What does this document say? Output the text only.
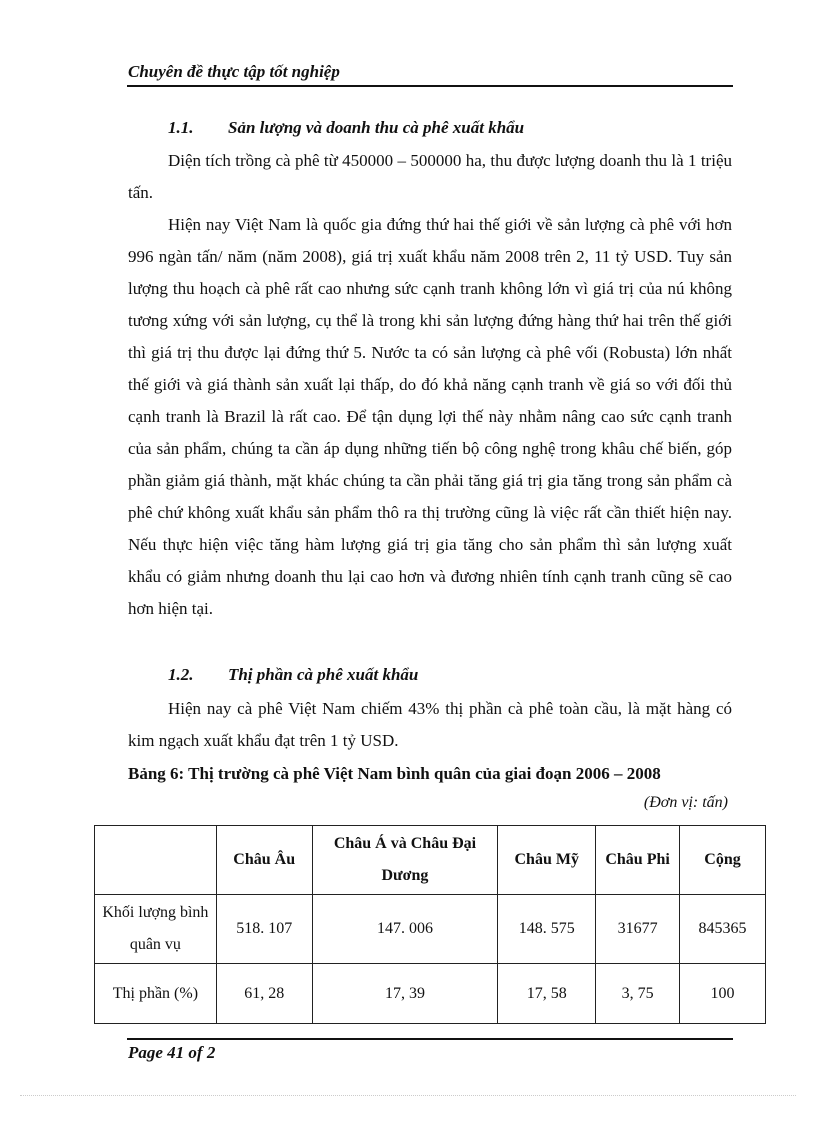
Chuyên đề thực tập tốt nghiệp
1.1. Sản lượng và doanh thu cà phê xuất khẩu

Diện tích trồng cà phê từ 450000 – 500000 ha, thu được lượng doanh thu là 1 triệu tấn.

Hiện nay Việt Nam là quốc gia đứng thứ hai thế giới về sản lượng cà phê với hơn 996 ngàn tấn/ năm (năm 2008), giá trị xuất khẩu năm 2008 trên 2, 11 tỷ USD. Tuy sản lượng thu hoạch cà phê rất cao nhưng sức cạnh tranh không lớn vì giá trị của nú không tương xứng với sản lượng, cụ thể là trong khi sản lượng đứng hàng thứ hai trên thế giới thì giá trị thu được lại đứng thứ 5. Nước ta có sản lượng cà phê vối (Robusta) lớn nhất thế giới và giá thành sản xuất lại thấp, do đó khả năng cạnh tranh về giá so với đối thủ cạnh tranh là Brazil là rất cao. Để tận dụng lợi thế này nhằm nâng cao sức cạnh tranh của sản phẩm, chúng ta cần áp dụng những tiến bộ công nghệ trong khâu chế biến, góp phần giảm giá thành, mặt khác chúng ta cần phải tăng giá trị gia tăng trong sản phẩm cà phê chứ không xuất khẩu sản phẩm thô ra thị trường cũng là việc rất cần thiết hiện nay. Nếu thực hiện việc tăng hàm lượng giá trị gia tăng cho sản phẩm thì sản lượng xuất khẩu có giảm nhưng doanh thu lại cao hơn và đương nhiên tính cạnh tranh cũng sẽ cao hơn hiện tại.

1.2. Thị phần cà phê xuất khẩu

Hiện nay cà phê Việt Nam chiếm 43% thị phần cà phê toàn cầu, là mặt hàng có kim ngạch xuất khẩu đạt trên 1 tỷ USD.

Bảng 6: Thị trường cà phê Việt Nam bình quân của giai đoạn 2006 – 2008
(Đơn vị: tấn)
	Châu Âu	Châu Á và Châu Đại Dương	Châu Mỹ	Châu Phi	Cộng
Khối lượng bình quân vụ	518. 107	147. 006	148. 575	31677	845365
Thị phần (%)	61, 28	17, 39	17, 58	3, 75	100
Page 41 of 2
